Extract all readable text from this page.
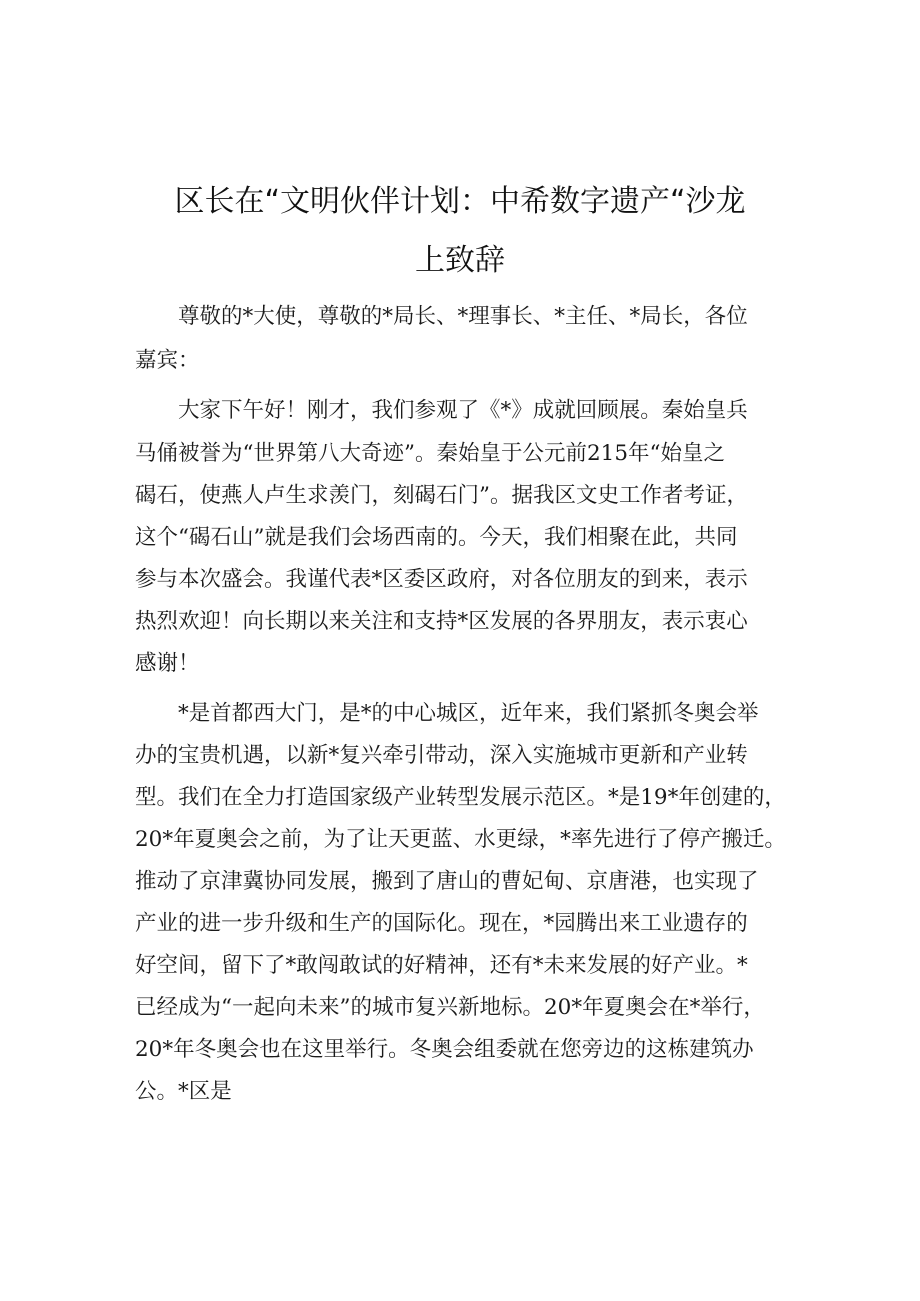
区长在“文明伙伴计划：中希数字遗产“沙龙
上致辞
尊敬的*大使，尊敬的*局长、*理事长、*主任、*局长，各位
嘉宾：
大家下午好！刚才，我们参观了《*》成就回顾展。秦始皇兵
马俑被誉为“世界第八大奇迹”。秦始皇于公元前215年“始皇之
碣石，使燕人卢生求羡门，刻碣石门”。据我区文史工作者考证，
这个“碣石山”就是我们会场西南的。今天，我们相聚在此，共同
参与本次盛会。我谨代表*区委区政府，对各位朋友的到来，表示
热烈欢迎！向长期以来关注和支持*区发展的各界朋友，表示衷心
感谢！
*是首都西大门，是*的中心城区，近年来，我们紧抓冬奥会举
办的宝贵机遇，以新*复兴牵引带动，深入实施城市更新和产业转
型。我们在全力打造国家级产业转型发展示范区。*是19*年创建的，
20*年夏奥会之前，为了让天更蓝、水更绿，*率先进行了停产搬迁。
推动了京津冀协同发展，搬到了唐山的曹妃甸、京唐港，也实现了
产业的进一步升级和生产的国际化。现在，*园腾出来工业遗存的
好空间，留下了*敢闯敢试的好精神，还有*未来发展的好产业。*
已经成为“一起向未来”的城市复兴新地标。20*年夏奥会在*举行，
20*年冬奥会也在这里举行。冬奥会组委就在您旁边的这栋建筑办
公。*区是
